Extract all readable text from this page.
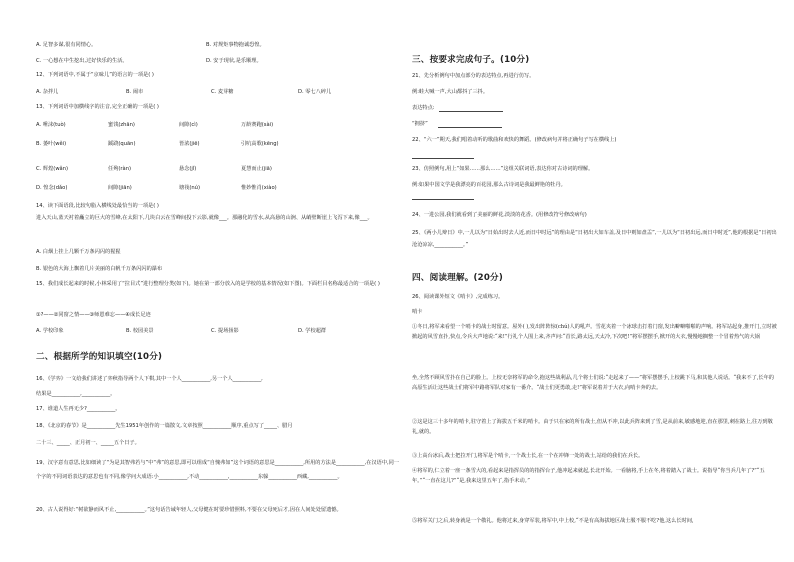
A. 足智多谋,很有同情心。	B. 对规矩事物抱诚恐惶。
C. 一心想在中生挖出,过好快乐的生活。	D. 安于现状,是乐顺理。
12、下列词语中,不属于“京味儿”的语言的一项是( )
A. 杂拌儿	B. 闹市	C. 麦芽糖	D. 零七八碎儿
13、下列词语中加横线字的注音,完全正确的一项是( )
A. 唾沫(tuò)	蜜饯(zhān)	间隙(cì)	万龄赛跑(sài)
B. 萎叶(wěi)	蹊跷(quān)	皆浓(jiē)	引吭高歌(kēng)
C. 辉煌(wǎn)	任殉(ràn)	悬念(jǐ)	夏慧而止(jiā)
D. 惶念(dǎo)	间隙(jiān)	塘筏(nú)	惟妙惟肖(xiào)
14、读下面语段,比较句脂入横线处最恰当的一项是( )
进入天山,蓝天衬着矗立的巨大的雪峰,在太阳下,几块白云在雪峰间投下云影,就像___。那融化的雪水,从高悬的山涧、从峭壁断崖上飞泻下来,像___。
A. 白烟上挂上几颗千万条闪闪的猩猩
B. 银色的大海上飘着几片美丽的白帆千万条闪闪的瀑布
15、我们成长起来的时候,小林采用了“拉目式”进行整理分类(如下)。她在第一部分放入的是学校的基本情况(如下图)。下面栏目名称最适合的一项是( )
①?——②同窗之情——③师恩难忘——④成长足迹
A. 学校印象	B. 校园美景	C. 提场扬影	D. 学校超群
二、根据所学的知识填空(10分)
16、《学弈》一文给我们讲述了弈秋指导两个人下棋,其中一个人___________,另一个人___________,
结果是___________,___________。
17、谁道人生再无少?___________。
18、《北京的春节》是___________先生1951年创作的一篇散文,文章按照___________顺序,重点写了_____、腊月
二十三、_____、正月初一、_____五个日子。
19、汉字意有意思,比如细读了“为是其智弗若与”中“弗”的意思,即可以组成“自愧弗如”这个词语的意思是___________,所用的方法是___________,在汉语中,同一个字的不同词语表达的意思也有不同,像学问大成语:小___________,不动___________,___________东躲___________西藏,___________。
20、古人说得好:“树欲静而风不止,___________。”这句话告诫年轻人,父母健在时要珍惜照料,不要在父母死后才,因在人间处处留遗憾。
三、按要求完成句子。(10分)
21、先分析例句中加点部分的表达特点,再进行仿写。
例:蛙大喊一声,大山都抖了三抖。
表达特点:
“拥挤”
22、“六一”期天,我们唱着动听的歌曲和欢快的舞蹈。(修改病句并将正确句子写在横线上)
23、仿照例句,用上“如果……那么……”这组关联词语,表达你对古诗词的理解。
例:如果中国文学是我漂亮的百花园,那么古诗词是我最鲜艳的牡丹。
24、一进公园,我们就看到了美丽的鲜花,淡淡的花香。(用修改符号修改病句)
25、《两小儿辩日》中,一儿以为“日始出时去人近,而日中时远”的理由是“日初出大如车盖,及日中则如盘盂”,一儿以为“日初出远,而日中时近”,他的根据是“日初出沧沧凉凉,___________。”
四、阅读理解。(20分)
26、阅读课外短文《哨卡》,完成练习。
哨卡
①冬日,将军来看望一个哨卡的战士时留意。屋外( ),发出阵阵惊(chú)人的吼声。雪花夹着一个冰球击打着门窗,发出噼噼啪啪的声响。将军站起身,推开门,立时被掀起的风雪直扑,快点,令兵大声地说:“来!”行礼个人围上来,齐声问:“首长,路太远,天太冷,下次吧!”将军摆摆手,掀开的大衣,慢慢地搁整一个冒着热气的大锅
坐,全然不顾风雪扑在自己的脸上。上校无奈将军的命令,抱这些战利品,几个将士们说:“走起来了——”将军摆摆手,上校跳下马,和其他人说话。“我来不了,长年的高原生活让这些战士们将军中路将军队对家有一番介。“战士们更勇敢,走!”将军说着并于大衣,向哨卡奔的去。
②这是这三十多年的哨卡,驻守着上了海拔五千米的哨卡。由于只在家的所有战士,但从不冲,以此兵阵来到了雪,是从前来,敏感地迎,直在那里,刺在路上,往万到敬礼,就的。
③上高台冰后,战士把拉开门,将军是个哨卡,一个战士长,在一个在冲锋一处的战士,站给的我们在兵长。
④将军的,仁立着一座一条雪大的,看起来是指挥员的的指挥台子,他冲起来就起,长北开始。一看脑将,手上在冬,将着踏入了战士。说指导“你当兵几年了?”“五年。”“一直在这儿?”“是,我来这里五年了,指手未动。”
⑤将军关门之后,转身就是一个敬礼。他将过来,身穿军装,将军中,中上校,“不是有高海拔地区战士服不服不吃?他,这么长时间,
